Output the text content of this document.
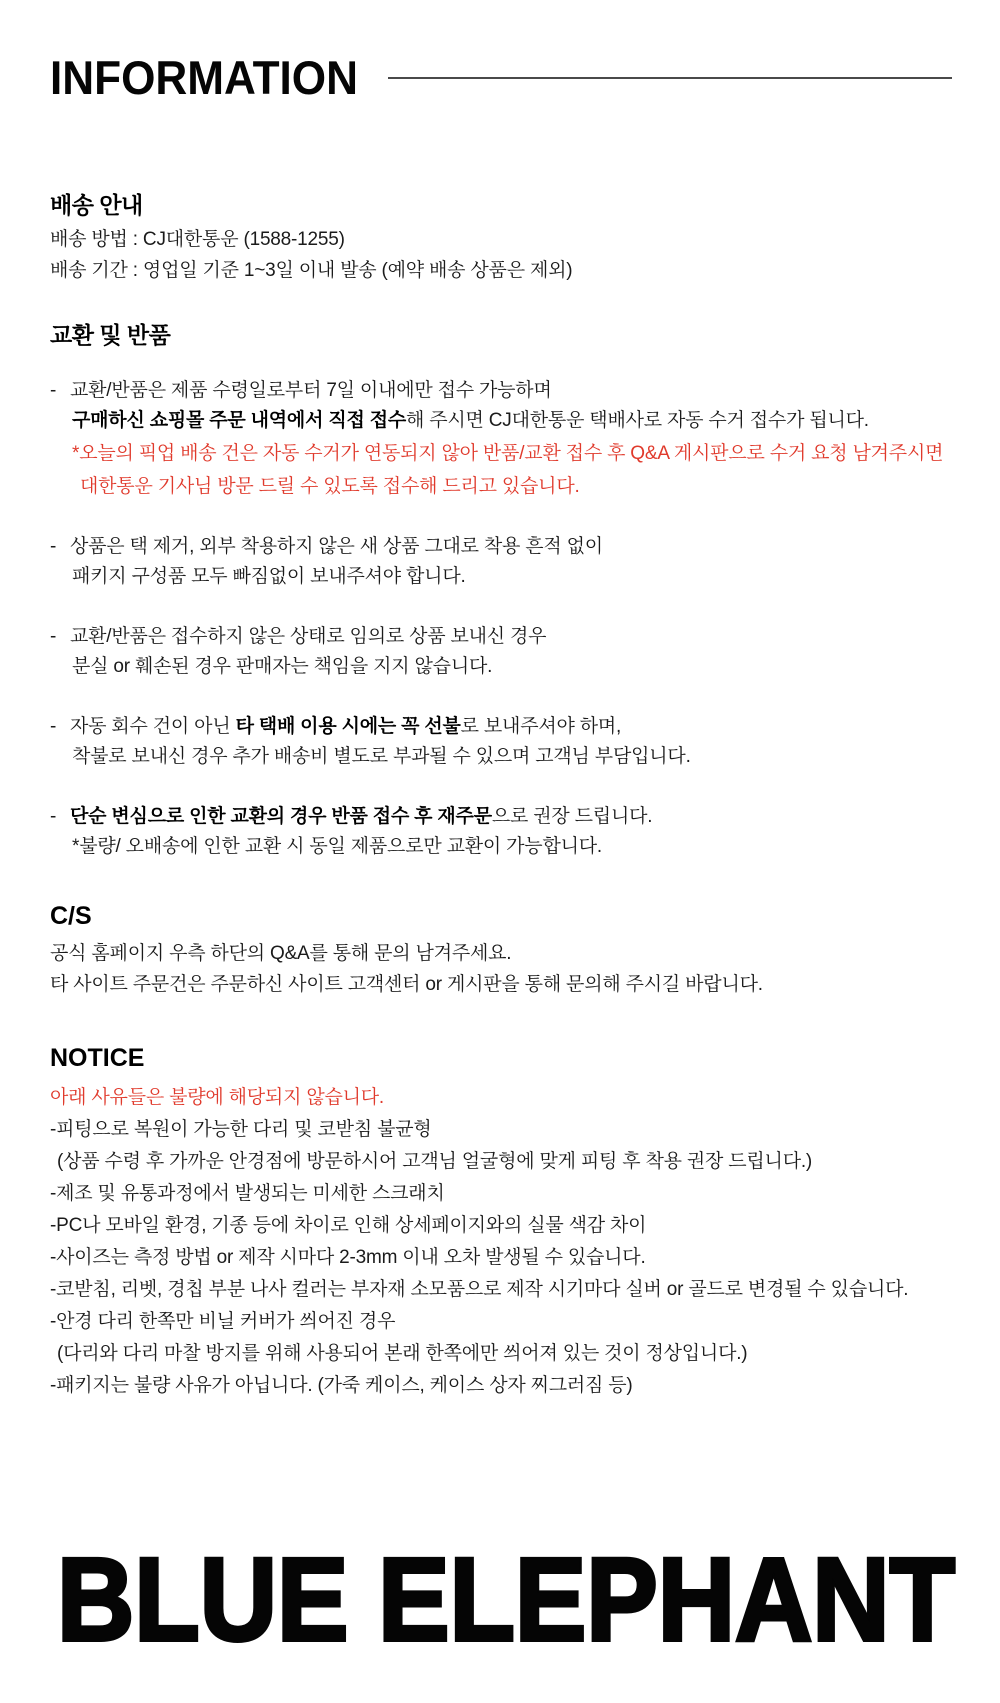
INFORMATION
배송 안내
배송 방법 : CJ대한통운 (1588-1255)
배송 기간 : 영업일 기준 1~3일 이내 발송 (예약 배송 상품은 제외)
교환 및 반품
- 교환/반품은 제품 수령일로부터 7일 이내에만 접수 가능하며
구매하신 쇼핑몰 주문 내역에서 직접 접수해 주시면 CJ대한통운 택배사로 자동 수거 접수가 됩니다.
*오늘의 픽업 배송 건은 자동 수거가 연동되지 않아 반품/교환 접수 후 Q&A 게시판으로 수거 요청 남겨주시면
대한통운 기사님 방문 드릴 수 있도록 접수해 드리고 있습니다.
- 상품은 택 제거, 외부 착용하지 않은 새 상품 그대로 착용 흔적 없이
패키지 구성품 모두 빠짐없이 보내주셔야 합니다.
- 교환/반품은 접수하지 않은 상태로 임의로 상품 보내신 경우
분실 or 훼손된 경우 판매자는 책임을 지지 않습니다.
- 자동 회수 건이 아닌 타 택배 이용 시에는 꼭 선불로 보내주셔야 하며,
착불로 보내신 경우 추가 배송비 별도로 부과될 수 있으며 고객님 부담입니다.
- 단순 변심으로 인한 교환의 경우 반품 접수 후 재주문으로 권장 드립니다.
*불량/ 오배송에 인한 교환 시 동일 제품으로만 교환이 가능합니다.
C/S
공식 홈페이지 우측 하단의 Q&A를 통해 문의 남겨주세요.
타 사이트 주문건은 주문하신 사이트 고객센터 or 게시판을 통해 문의해 주시길 바랍니다.
NOTICE
아래 사유들은 불량에 해당되지 않습니다.
-피팅으로 복원이 가능한 다리 및 코받침 불균형
(상품 수령 후 가까운 안경점에 방문하시어 고객님 얼굴형에 맞게 피팅 후 착용 권장 드립니다.)
-제조 및 유통과정에서 발생되는 미세한 스크래치
-PC나 모바일 환경, 기종 등에 차이로 인해 상세페이지와의 실물 색감 차이
-사이즈는 측정 방법 or 제작 시마다 2-3mm 이내 오차 발생될 수 있습니다.
-코받침, 리벳, 경칩 부분 나사 컬러는 부자재 소모품으로 제작 시기마다 실버 or 골드로 변경될 수 있습니다.
-안경 다리 한쪽만 비닐 커버가 씌어진 경우
(다리와 다리 마찰 방지를 위해 사용되어 본래 한쪽에만 씌어져 있는 것이 정상입니다.)
-패키지는 불량 사유가 아닙니다. (가죽 케이스, 케이스 상자 찌그러짐 등)
BLUE ELEPHANT
